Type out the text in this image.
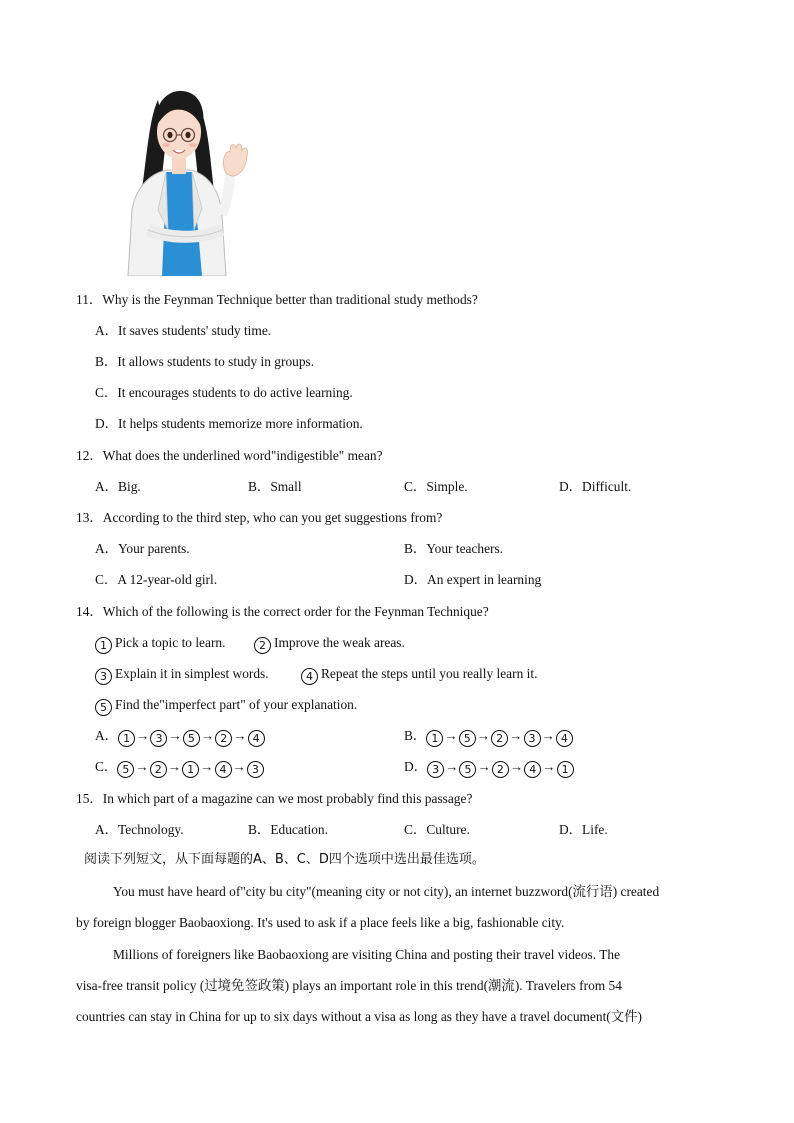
11．Why is the Feynman Technique better than traditional study methods?
A．It saves students' study time.
B．It allows students to study in groups.
C．It encourages students to do active learning.
D．It helps students memorize more information.
12．What does the underlined word"indigestible" mean?
A．Big.	B．Small	C．Simple.	D．Difficult.
13．According to the third step, who can you get suggestions from?
A．Your parents.	B．Your teachers.
C．A 12-year-old girl.	D．An expert in learning
14．Which of the following is the correct order for the Feynman Technique?
1 Pick a topic to learn.	2 Improve the weak areas.
3 Explain it in simplest words.	4 Repeat the steps until you really learn it.
5 Find the"imperfect part" of your explanation.
A． 1 → 3 → 5 → 2 → 4	B． 1 → 5 → 2 → 3 → 4
C． 5 → 2 → 1 → 4 → 3	D． 3 → 5 → 2 → 4 → 1
15．In which part of a magazine can we most probably find this passage?
A．Technology.	B．Education.	C．Culture.	D．Life.
阅读下列短文，从下面每题的A、B、C、D四个选项中选出最佳选项。
You must have heard of"city bu city"(meaning city or not city), an internet buzzword(流行语) created
by foreign blogger Baobaoxiong. It's used to ask if a place feels like a big, fashionable city.
Millions of foreigners like Baobaoxiong are visiting China and posting their travel videos. The
visa-free transit policy (过境免签政策) plays an important role in this trend(潮流). Travelers from 54
countries can stay in China for up to six days without a visa as long as they have a travel document(文件)
